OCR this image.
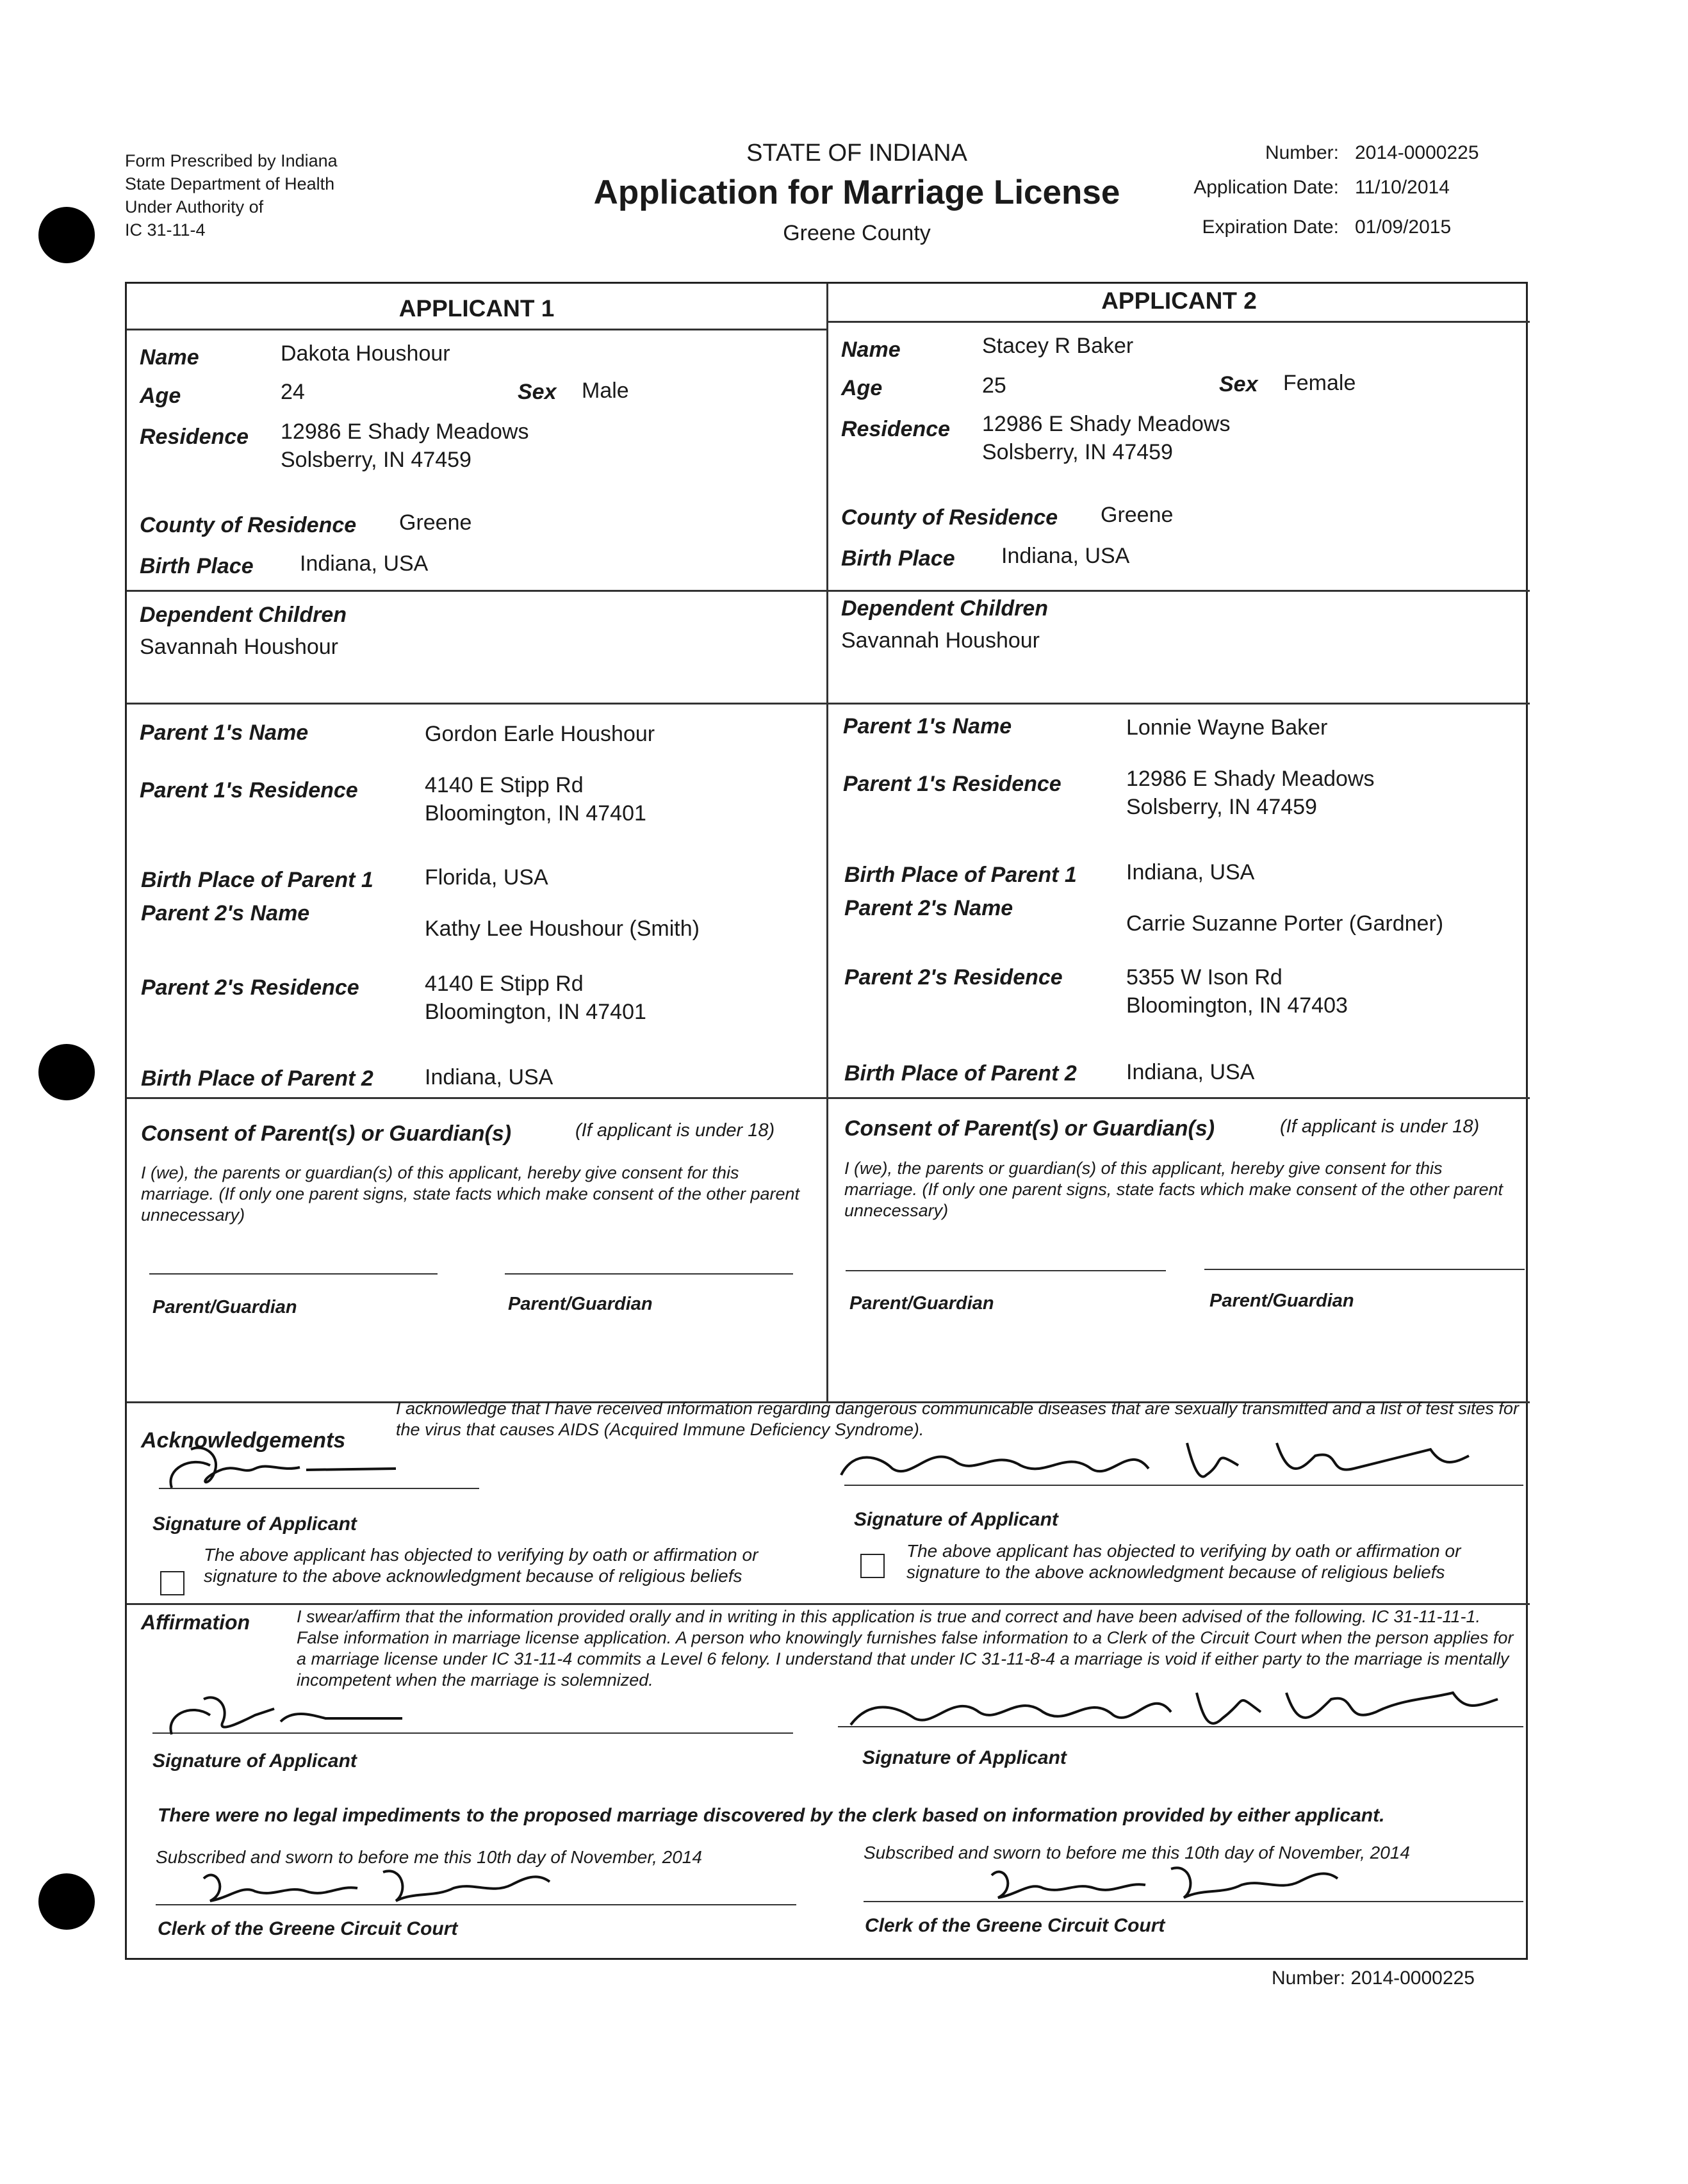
Form Prescribed by Indiana
State Department of Health
Under Authority of
IC 31-11-4
STATE OF INDIANA
Application for Marriage License
Greene County
Number: 2014-0000225
Application Date: 11/10/2014
Expiration Date: 01/09/2015
APPLICANT 1	APPLICANT 2
Name	Dakota Houshour
Age	24	Sex Male
Residence 12986 E Shady Meadows
Solsberry, IN 47459
County of Residence Greene
Birth Place Indiana, USA
Dependent Children
Savannah Houshour
Parent 1's Name	Gordon Earle Houshour
Parent 1's Residence	4140 E Stipp Rd
Bloomington, IN 47401
Birth Place of Parent 1 Florida, USA
Parent 2's Name
Kathy Lee Houshour (Smith)
Parent 2's Residence	4140 E Stipp Rd
Bloomington, IN 47401
Birth Place of Parent 2 Indiana, USA
Name	Stacey R Baker
Age	25	Sex Female
Residence 12986 E Shady Meadows
Solsberry, IN 47459
County of Residence Greene
Birth Place Indiana, USA
Dependent Children
Savannah Houshour
Parent 1's Name	Lonnie Wayne Baker
Parent 1's Residence	12986 E Shady Meadows
Solsberry, IN 47459
Birth Place of Parent 1 Indiana, USA
Parent 2's Name
Carrie Suzanne Porter (Gardner)
Parent 2's Residence	5355 W Ison Rd
Bloomington, IN 47403
Birth Place of Parent 2 Indiana, USA
Consent of Parent(s) or Guardian(s)	(If applicant is under 18)
I (we), the parents or guardian(s) of this applicant, hereby give consent for this marriage. (If only one parent signs, state facts which make consent of the other parent unnecessary)
Parent/Guardian	Parent/Guardian
Consent of Parent(s) or Guardian(s)	(If applicant is under 18)
I (we), the parents or guardian(s) of this applicant, hereby give consent for this marriage. (If only one parent signs, state facts which make consent of the other parent unnecessary)
Parent/Guardian	Parent/Guardian
Acknowledgements
I acknowledge that I have received information regarding dangerous communicable diseases that are sexually transmitted and a list of test sites for the virus that causes AIDS (Acquired Immune Deficiency Syndrome).
Signature of Applicant	Signature of Applicant
The above applicant has objected to verifying by oath or affirmation or signature to the above acknowledgment because of religious beliefs
The above applicant has objected to verifying by oath or affirmation or signature to the above acknowledgment because of religious beliefs
Affirmation	I swear/affirm that the information provided orally and in writing in this application is true and correct and have been advised of the following. IC 31-11-11-1. False information in marriage license application. A person who knowingly furnishes false information to a Clerk of the Circuit Court when the person applies for a marriage license under IC 31-11-4 commits a Level 6 felony. I understand that under IC 31-11-8-4 a marriage is void if either party to the marriage is mentally incompetent when the marriage is solemnized.
Signature of Applicant	Signature of Applicant
There were no legal impediments to the proposed marriage discovered by the clerk based on information provided by either applicant.
Subscribed and sworn to before me this 10th day of November, 2014	Subscribed and sworn to before me this 10th day of November, 2014
Clerk of the Greene Circuit Court	Clerk of the Greene Circuit Court
Number: 2014-0000225
